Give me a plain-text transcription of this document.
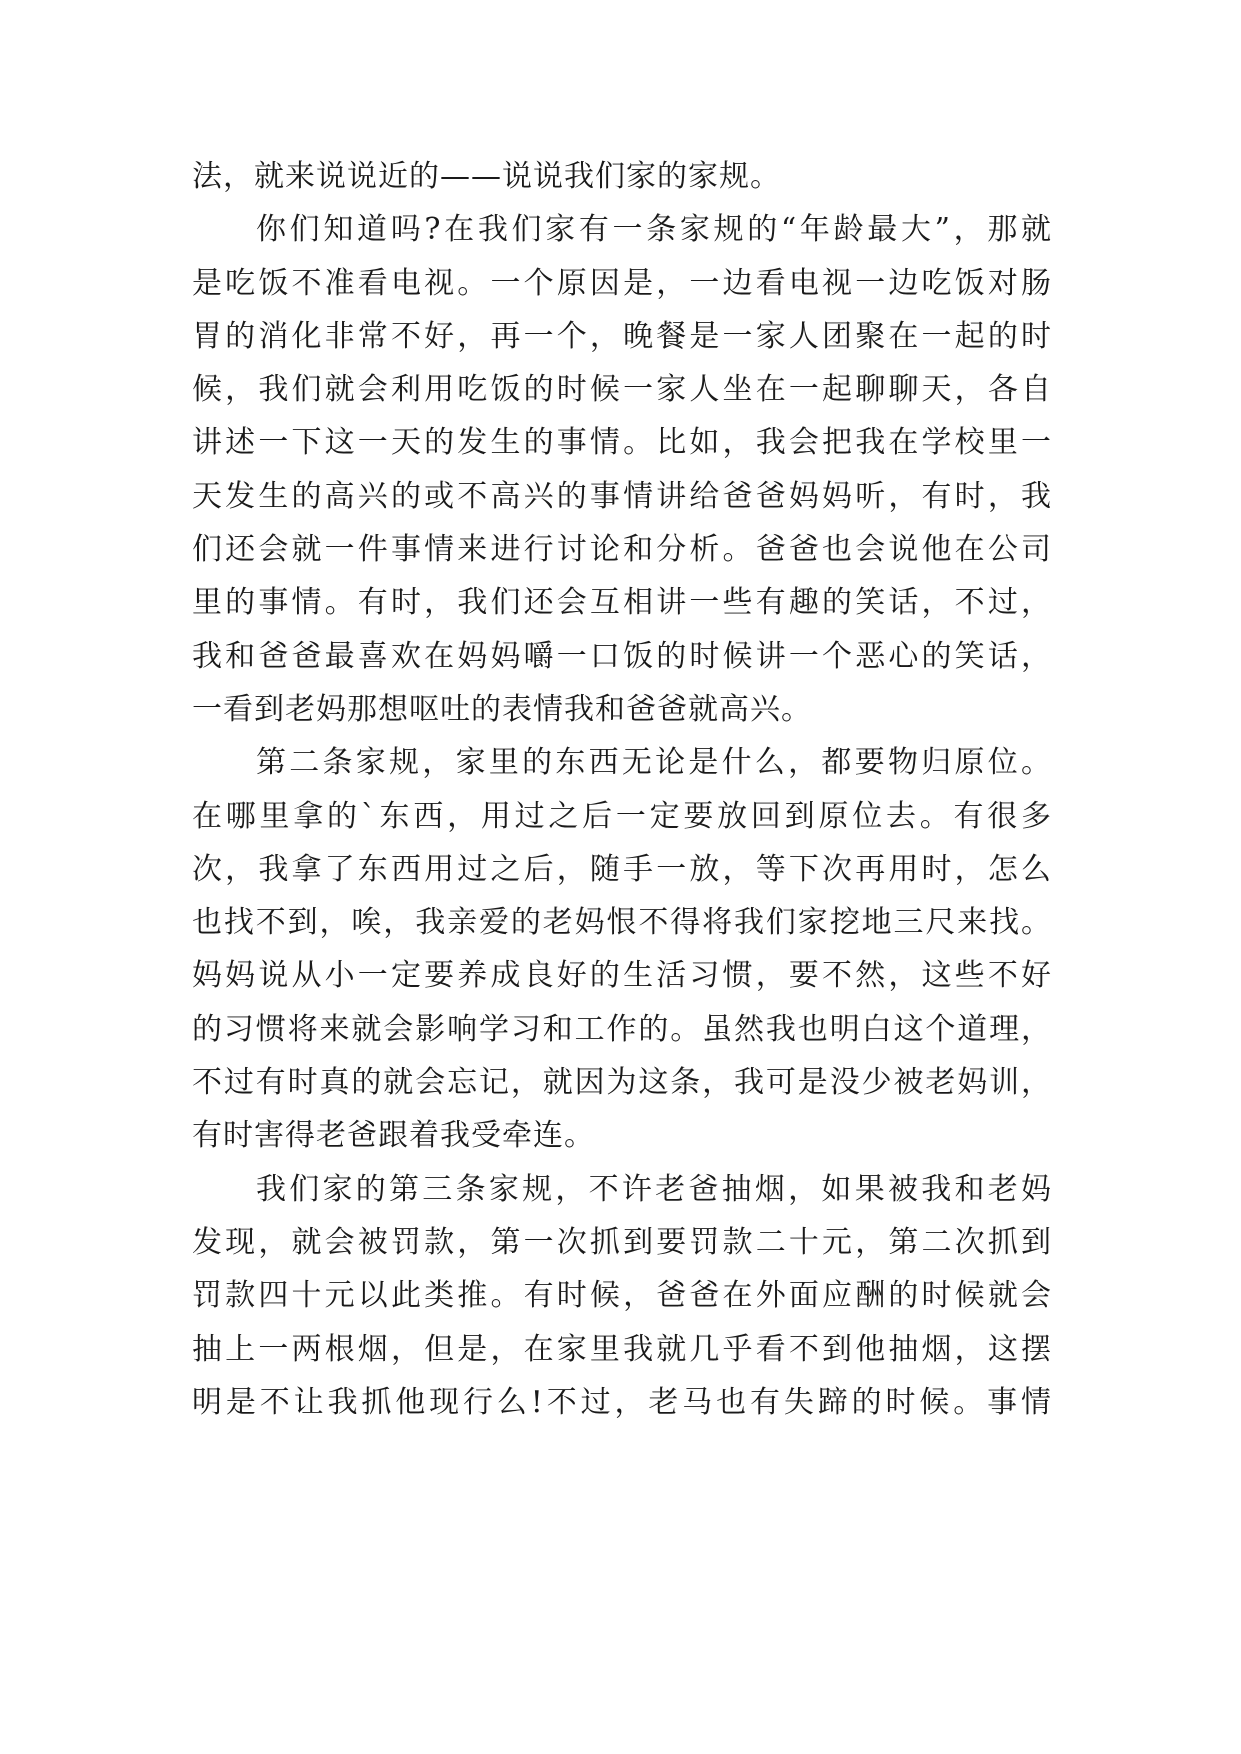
法，就来说说近的——说说我们家的家规。
你们知道吗?在我们家有一条家规的“年龄最大”，那就
是吃饭不准看电视。一个原因是，一边看电视一边吃饭对肠
胃的消化非常不好，再一个，晚餐是一家人团聚在一起的时
候，我们就会利用吃饭的时候一家人坐在一起聊聊天，各自
讲述一下这一天的发生的事情。比如，我会把我在学校里一
天发生的高兴的或不高兴的事情讲给爸爸妈妈听，有时，我
们还会就一件事情来进行讨论和分析。爸爸也会说他在公司
里的事情。有时，我们还会互相讲一些有趣的笑话，不过，
我和爸爸最喜欢在妈妈嚼一口饭的时候讲一个恶心的笑话，
一看到老妈那想呕吐的表情我和爸爸就高兴。
第二条家规，家里的东西无论是什么，都要物归原位。
在哪里拿的`东西，用过之后一定要放回到原位去。有很多
次，我拿了东西用过之后，随手一放，等下次再用时，怎么
也找不到，唉，我亲爱的老妈恨不得将我们家挖地三尺来找。
妈妈说从小一定要养成良好的生活习惯，要不然，这些不好
的习惯将来就会影响学习和工作的。虽然我也明白这个道理，
不过有时真的就会忘记，就因为这条，我可是没少被老妈训，
有时害得老爸跟着我受牵连。
我们家的第三条家规，不许老爸抽烟，如果被我和老妈
发现，就会被罚款，第一次抓到要罚款二十元，第二次抓到
罚款四十元以此类推。有时候，爸爸在外面应酬的时候就会
抽上一两根烟，但是，在家里我就几乎看不到他抽烟，这摆
明是不让我抓他现行么!不过，老马也有失蹄的时候。事情
